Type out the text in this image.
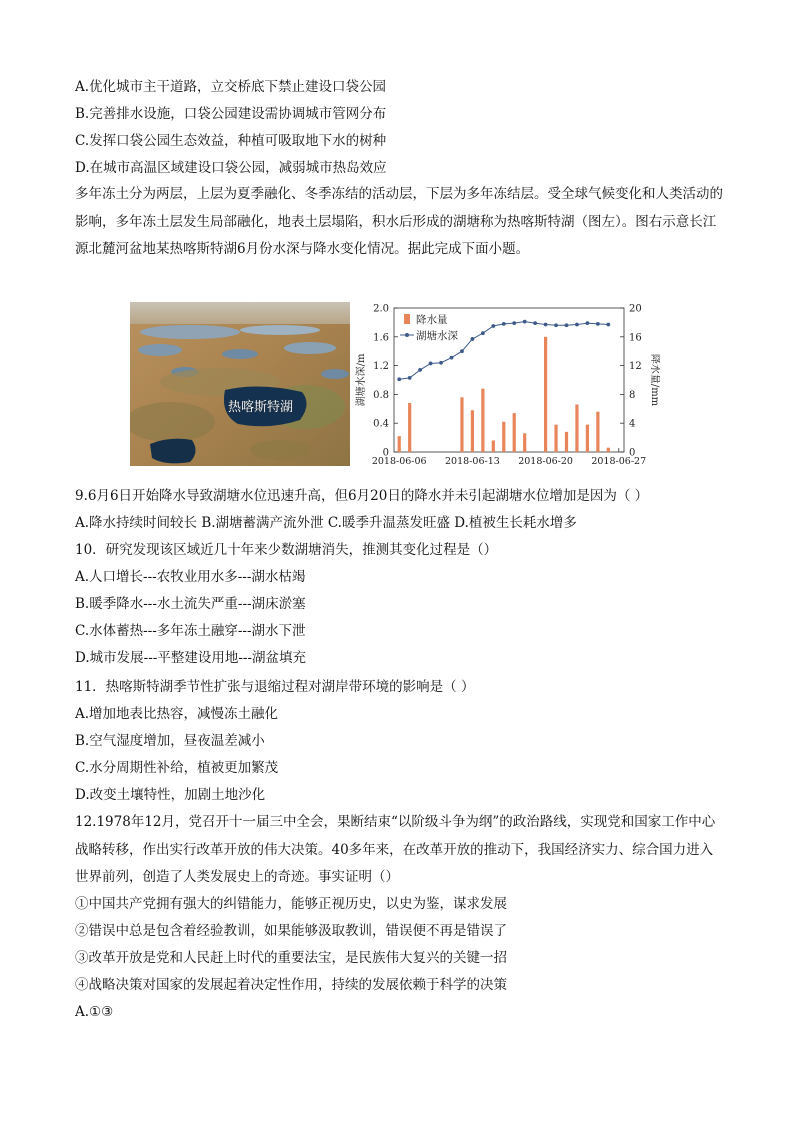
A.优化城市主干道路，立交桥底下禁止建设口袋公园
B.完善排水设施，口袋公园建设需协调城市管网分布
C.发挥口袋公园生态效益，种植可吸取地下水的树种
D.在城市高温区域建设口袋公园，减弱城市热岛效应
多年冻土分为两层，上层为夏季融化、冬季冻结的活动层，下层为多年冻结层。受全球气候变化和人类活动的影响，多年冻土层发生局部融化，地表土层塌陷，积水后形成的湖塘称为热喀斯特湖（图左）。图右示意长江源北麓河盆地某热喀斯特湖6月份水深与降水变化情况。据此完成下面小题。
热喀斯特湖
0
0.4
0.8
1.2
1.6
2.0
0
4
8
12
16
20
2018-06-06 2018-06-13 2018-06-20 2018-06-27
湖塘水深/m	降水量/mm
降水量
湖塘水深
9.6月6日开始降水导致湖塘水位迅速升高，但6月20日的降水并未引起湖塘水位增加是因为（ ）
A.降水持续时间较长 B.湖塘蓄满产流外泄 C.暖季升温蒸发旺盛 D.植被生长耗水增多
10．研究发现该区域近几十年来少数湖塘消失，推测其变化过程是（）
A.人口增长---农牧业用水多---湖水枯竭
B.暖季降水---水土流失严重---湖床淤塞
C.水体蓄热---多年冻土融穿---湖水下泄
D.城市发展---平整建设用地---湖盆填充
11．热喀斯特湖季节性扩张与退缩过程对湖岸带环境的影响是（ ）
A.增加地表比热容，减慢冻土融化
B.空气湿度增加，昼夜温差减小
C.水分周期性补给，植被更加繁茂
D.改变土壤特性，加剧土地沙化
12.1978年12月，党召开十一届三中全会，果断结束“以阶级斗争为纲”的政治路线，实现党和国家工作中心战略转移，作出实行改革开放的伟大决策。40多年来，在改革开放的推动下，我国经济实力、综合国力进入世界前列，创造了人类发展史上的奇迹。事实证明（）
①中国共产党拥有强大的纠错能力，能够正视历史，以史为鉴，谋求发展
②错误中总是包含着经验教训，如果能够汲取教训，错误便不再是错误了
③改革开放是党和人民赶上时代的重要法宝，是民族伟大复兴的关键一招
④战略决策对国家的发展起着决定性作用，持续的发展依赖于科学的决策
A.①③
